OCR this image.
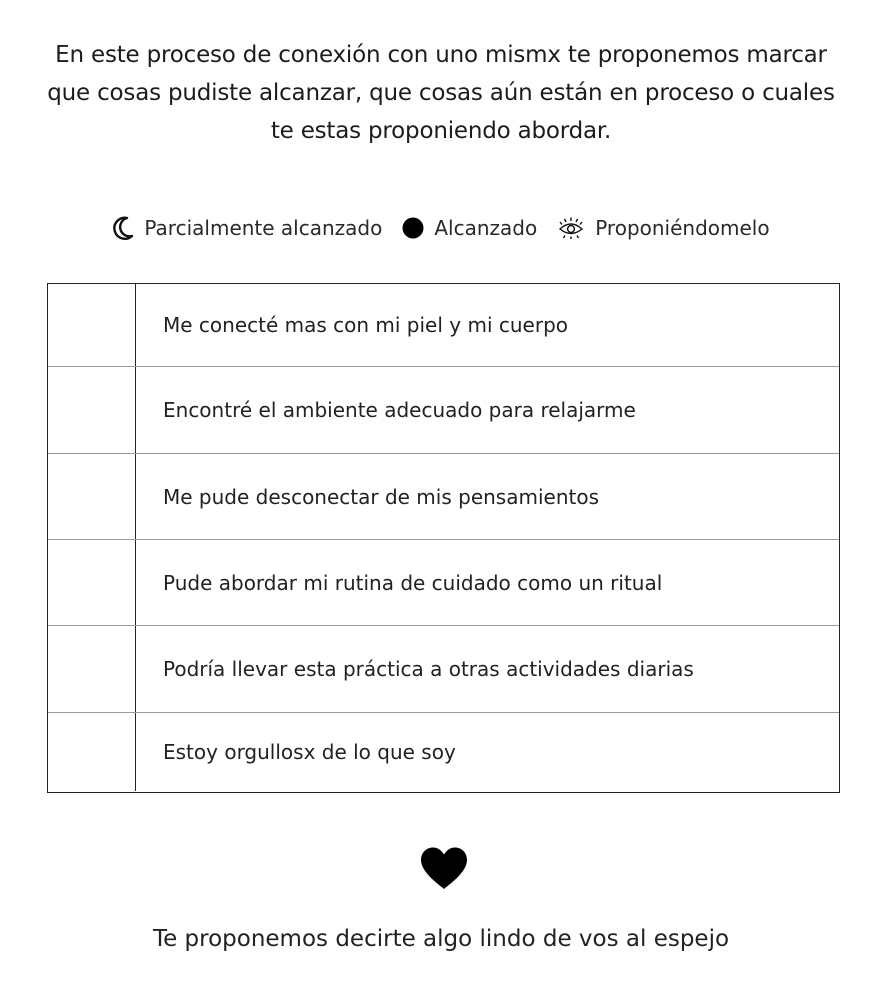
En este proceso de conexión con uno mismx te proponemos marcar
que cosas pudiste alcanzar, que cosas aún están en proceso o cuales
te estas proponiendo abordar.
Parcialmente alcanzado	Alcanzado	Proponiéndomelo
Me conecté mas con mi piel y mi cuerpo
Encontré el ambiente adecuado para relajarme
Me pude desconectar de mis pensamientos
Pude abordar mi rutina de cuidado como un ritual
Podría llevar esta práctica a otras actividades diarias
Estoy orgullosx de lo que soy
Te proponemos decirte algo lindo de vos al espejo
